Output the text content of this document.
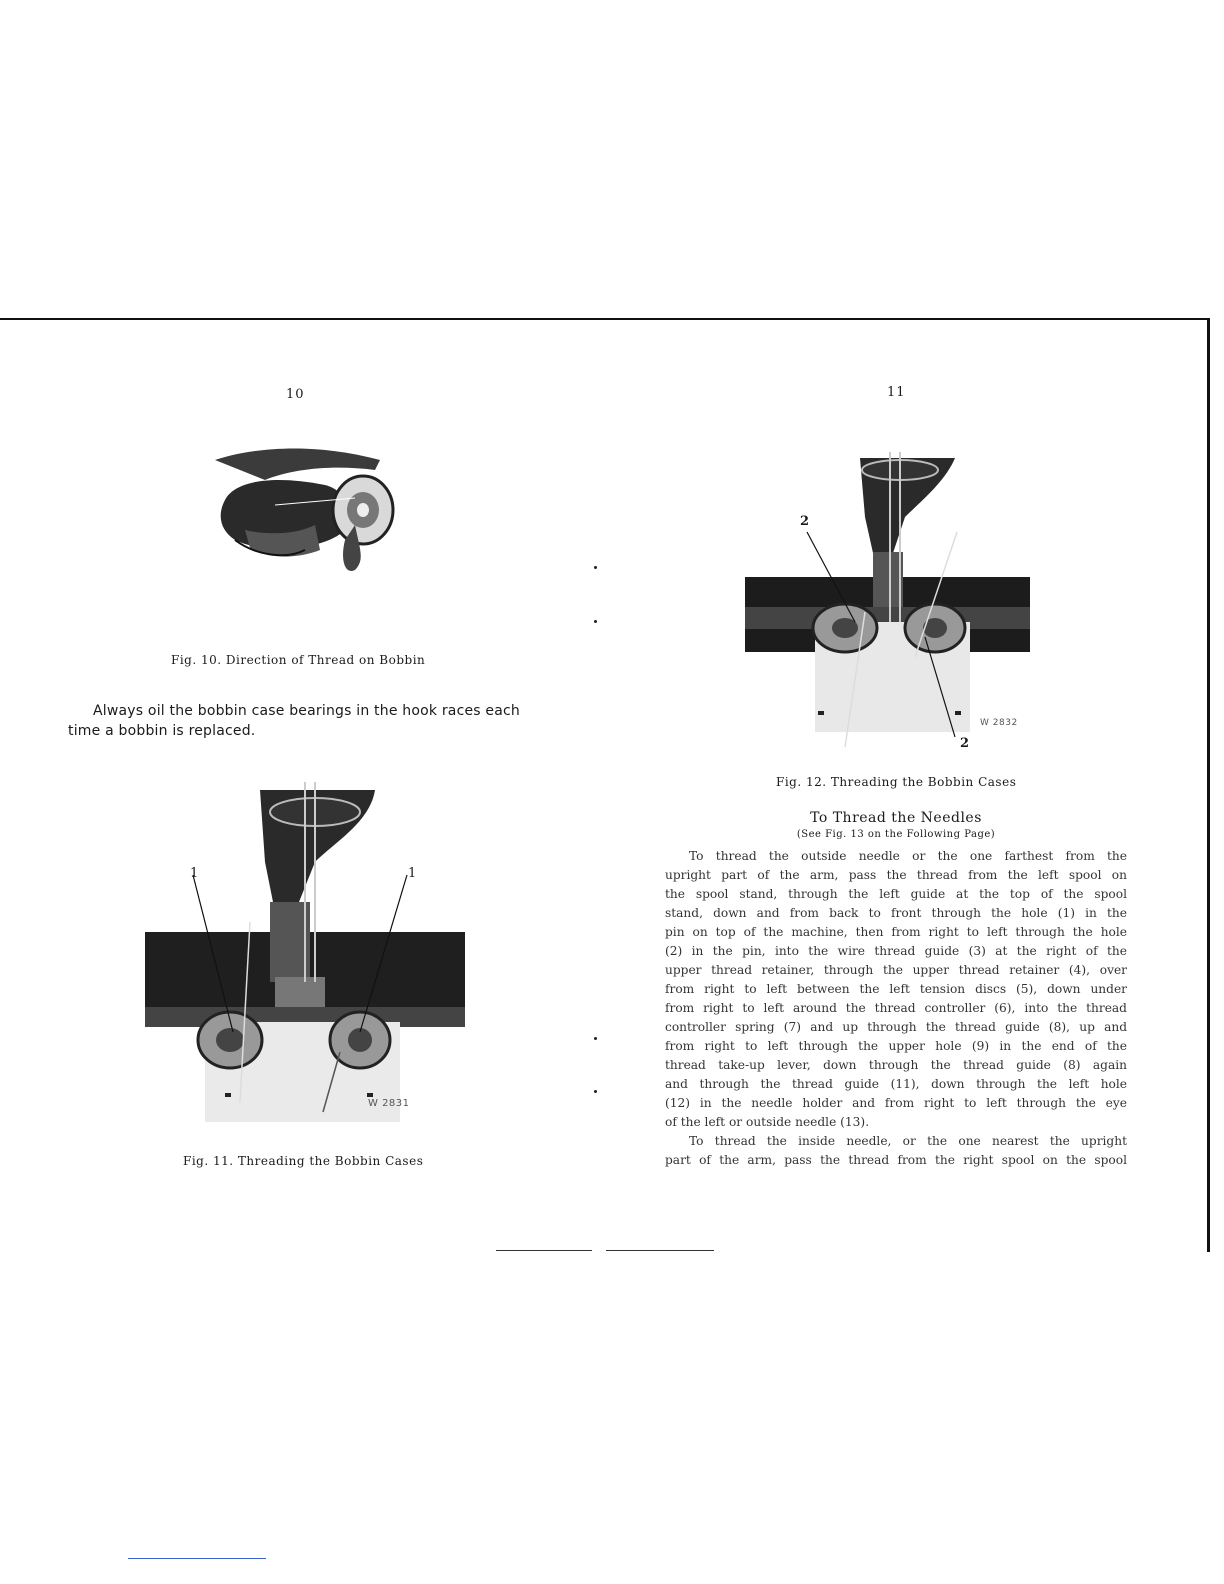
10
Fig. 10. Direction of Thread on Bobbin
Always oil the bobbin case bearings in the hook races each
time a bobbin is replaced.
1	1
W 2831
Fig. 11. Threading the Bobbin Cases
11
2
2
W 2832
Fig. 12. Threading the Bobbin Cases
To Thread the Needles
(See Fig. 13 on the Following Page)
To thread the outside needle or the one farthest from the
upright part of the arm, pass the thread from the left spool on
the spool stand, through the left guide at the top of the spool
stand, down and from back to front through the hole (1) in the
pin on top of the machine, then from right to left through the hole
(2) in the pin, into the wire thread guide (3) at the right of the
upper thread retainer, through the upper thread retainer (4), over
from right to left between the left tension discs (5), down under
from right to left around the thread controller (6), into the thread
controller spring (7) and up through the thread guide (8), up and
from right to left through the upper hole (9) in the end of the
thread take-up lever, down through the thread guide (8) again
and through the thread guide (11), down through the left hole
(12) in the needle holder and from right to left through the eye
of the left or outside needle (13).
To thread the inside needle, or the one nearest the upright
part of the arm, pass the thread from the right spool on the spool
